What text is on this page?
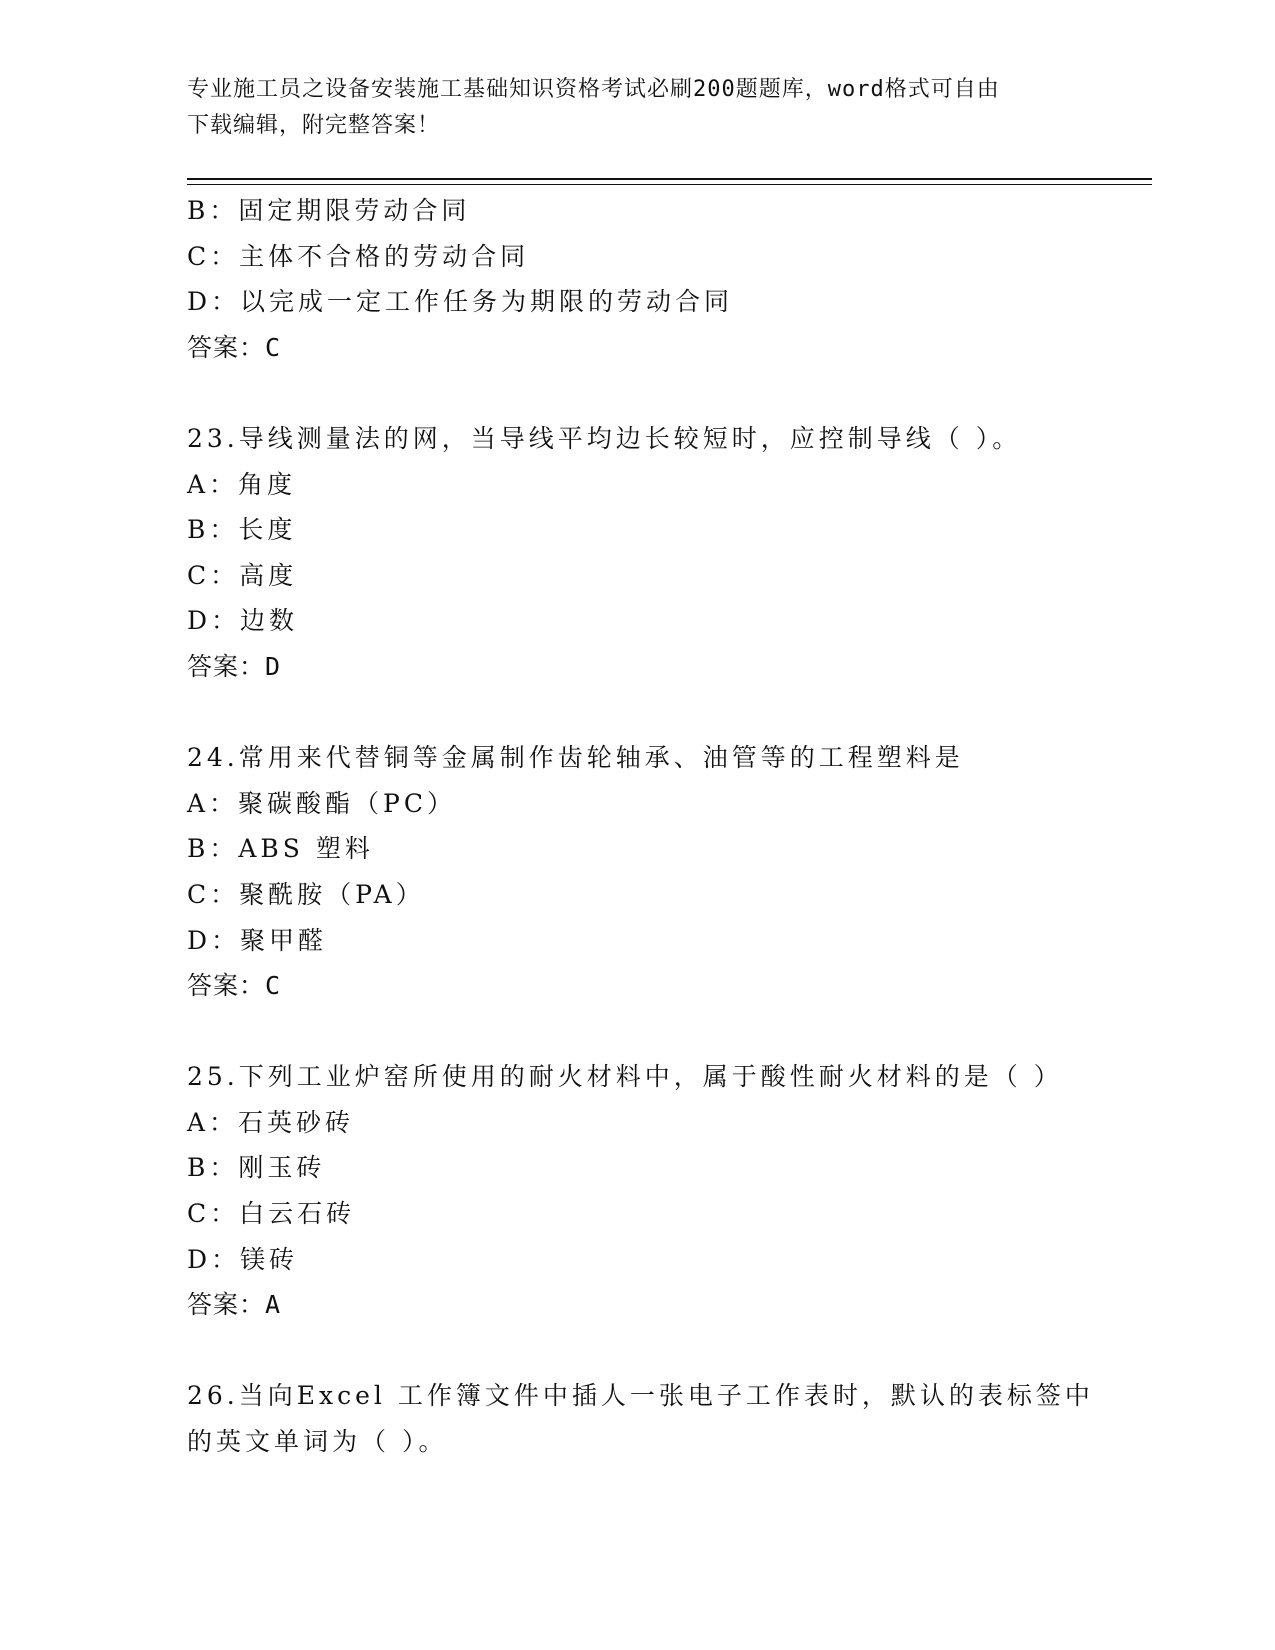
专业施工员之设备安装施工基础知识资格考试必刷200题题库，word格式可自由
下载编辑，附完整答案！
B：固定期限劳动合同
C：主体不合格的劳动合同
D：以完成一定工作任务为期限的劳动合同
答案：C
23.导线测量法的网，当导线平均边长较短时，应控制导线（ ）。
A：角度
B：长度
C：高度
D：边数
答案：D
24.常用来代替铜等金属制作齿轮轴承、油管等的工程塑料是
A：聚碳酸酯（PC）
B：ABS 塑料
C：聚酰胺（PA）
D：聚甲醛
答案：C
25.下列工业炉窑所使用的耐火材料中，属于酸性耐火材料的是（ ）
A：石英砂砖
B：刚玉砖
C：白云石砖
D：镁砖
答案：A
26.当向Excel 工作簿文件中插人一张电子工作表时，默认的表标签中
的英文单词为（ ）。
